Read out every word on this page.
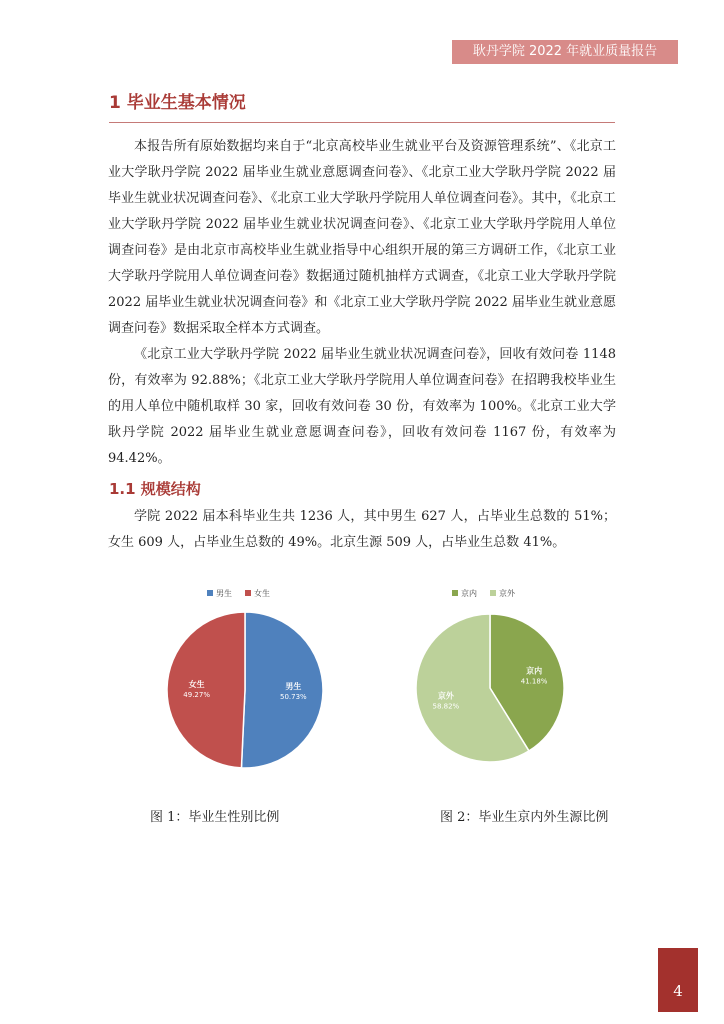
耿丹学院 2022 年就业质量报告
1 毕业生基本情况

本报告所有原始数据均来自于“北京高校毕业生就业平台及资源管理系统”、《北京工业大学耿丹学院 2022 届毕业生就业意愿调查问卷》、《北京工业大学耿丹学院 2022 届毕业生就业状况调查问卷》、《北京工业大学耿丹学院用人单位调查问卷》。其中，《北京工业大学耿丹学院 2022 届毕业生就业状况调查问卷》、《北京工业大学耿丹学院用人单位调查问卷》是由北京市高校毕业生就业指导中心组织开展的第三方调研工作，《北京工业大学耿丹学院用人单位调查问卷》数据通过随机抽样方式调查，《北京工业大学耿丹学院 2022 届毕业生就业状况调查问卷》和《北京工业大学耿丹学院 2022 届毕业生就业意愿调查问卷》数据采取全样本方式调查。

1.1 规模结构

《北京工业大学耿丹学院 2022 届毕业生就业状况调查问卷》，回收有效问卷 1148 份，有效率为 92.88%；《北京工业大学耿丹学院用人单位调查问卷》在招聘我校毕业生的用人单位中随机取样 30 家，回收有效问卷 30 份，有效率为 100%。《北京工业大学耿丹学院 2022 届毕业生就业意愿调查问卷》，回收有效问卷 1167 份，有效率为 94.42%。

学院 2022 届本科毕业生共 1236 人，其中男生 627 人，占毕业生总数的 51%；女生 609 人，占毕业生总数的 49%。北京生源 509 人，占毕业生总数 41%。

男生	女生
男生
50.73%
女生
49.27%
京内	京外
京内
41.18%
京外
58.82%

图 1：毕业生性别比例	图 2：毕业生京内外生源比例

4
